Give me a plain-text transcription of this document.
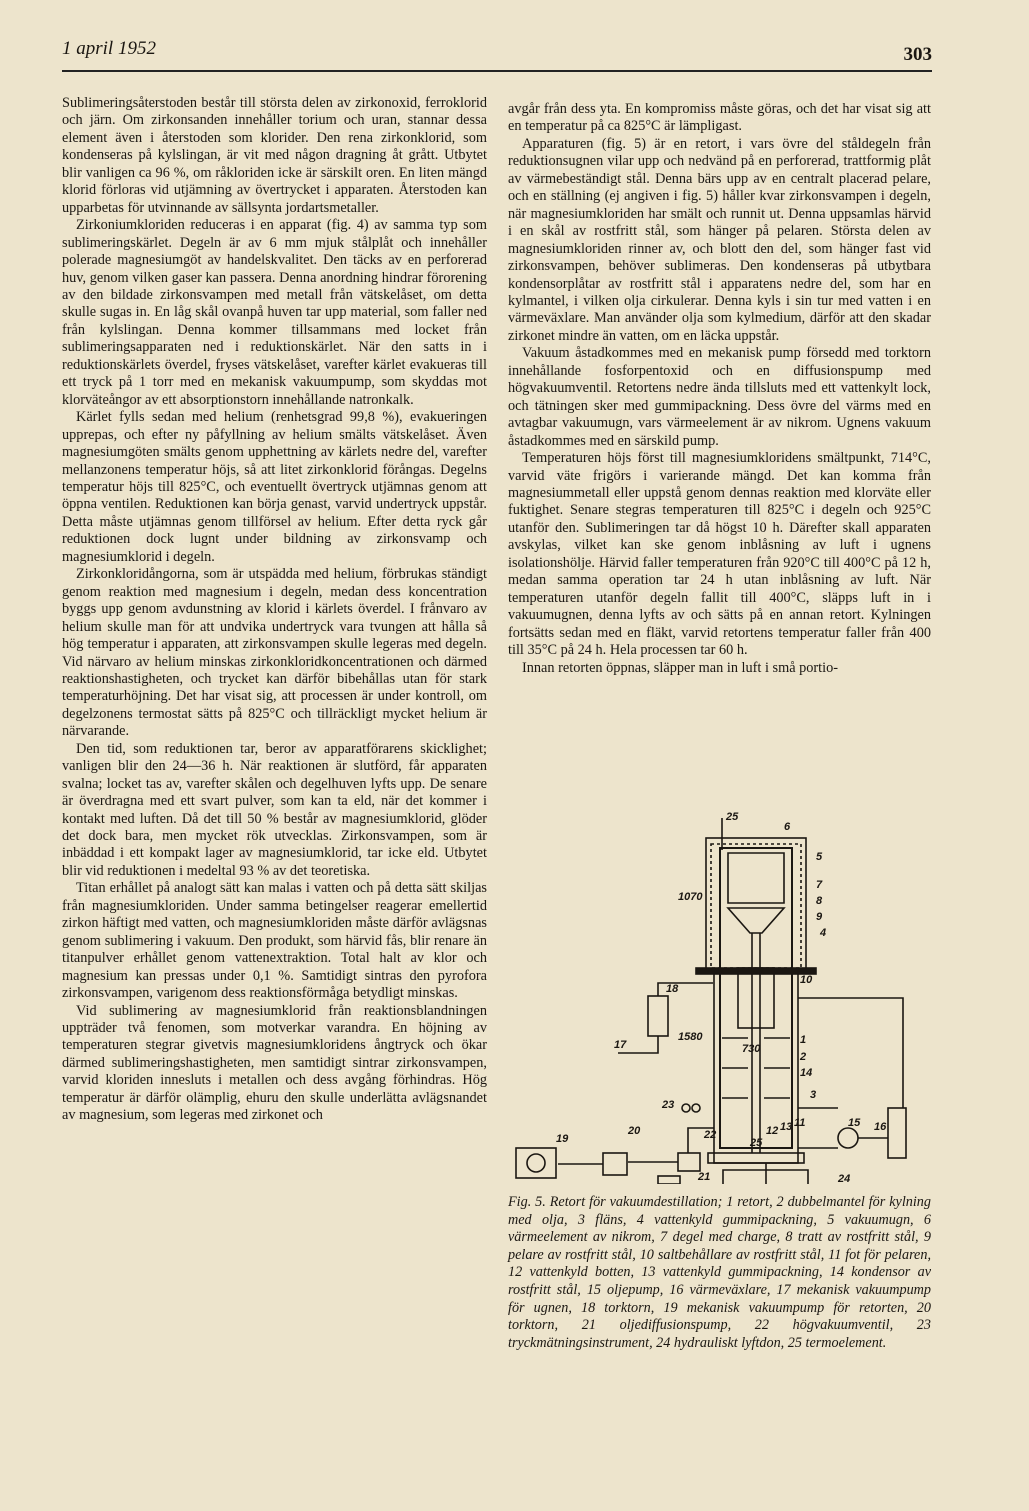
1 april 1952	303

Sublimeringsåterstoden består till största delen av zirkonoxid, ferroklorid och järn. Om zirkonsanden innehåller torium och uran, stannar dessa element även i återstoden som klorider. Den rena zirkonklorid, som kondenseras på kylslingan, är vit med någon dragning åt grått. Utbytet blir vanligen ca 96 %, om råkloriden icke är särskilt oren. En liten mängd klorid förloras vid utjämning av övertrycket i apparaten. Återstoden kan upparbetas för utvinnande av sällsynta jordartsmetaller.

Zirkoniumkloriden reduceras i en apparat (fig. 4) av samma typ som sublimeringskärlet. Degeln är av 6 mm mjuk stålplåt och innehåller polerade magnesiumgöt av handelskvalitet. Den täcks av en perforerad huv, genom vilken gaser kan passera. Denna anordning hindrar förorening av den bildade zirkonsvampen med metall från vätskelåset, om detta skulle sugas in. En låg skål ovanpå huven tar upp material, som faller ned från kylslingan. Denna kommer tillsammans med locket från sublimeringsapparaten ned i reduktionskärlet. När den satts in i reduktionskärlets överdel, fryses vätskelåset, varefter kärlet evakueras till ett tryck på 1 torr med en mekanisk vakuumpump, som skyddas mot klorväteångor av ett absorptionstorn innehållande natronkalk.

Kärlet fylls sedan med helium (renhetsgrad 99,8 %), evakueringen upprepas, och efter ny påfyllning av helium smälts vätskelåset. Även magnesiumgöten smälts genom upphettning av kärlets nedre del, varefter mellanzonens temperatur höjs, så att litet zirkonklorid förångas. Degelns temperatur höjs till 825°C, och eventuellt övertryck utjämnas genom att öppna ventilen. Reduktionen kan börja genast, varvid undertryck uppstår. Detta måste utjämnas genom tillförsel av helium. Efter detta ryck går reduktionen dock lugnt under bildning av zirkonsvamp och magnesiumklorid i degeln.

Zirkonkloridångorna, som är utspädda med helium, förbrukas ständigt genom reaktion med magnesium i degeln, medan dess koncentration byggs upp genom avdunstning av klorid i kärlets överdel. I frånvaro av helium skulle man för att undvika undertryck vara tvungen att hålla så hög temperatur i apparaten, att zirkonsvampen skulle legeras med degeln. Vid närvaro av helium minskas zirkonkloridkoncentrationen och därmed reaktionshastigheten, och trycket kan därför bibehållas utan för stark temperaturhöjning. Det har visat sig, att processen är under kontroll, om degelzonens termostat sätts på 825°C och tillräckligt mycket helium är närvarande.

Den tid, som reduktionen tar, beror av apparatförarens skicklighet; vanligen blir den 24—36 h. När reaktionen är slutförd, får apparaten svalna; locket tas av, varefter skålen och degelhuven lyfts upp. De senare är överdragna med ett svart pulver, som kan ta eld, när det kommer i kontakt med luften. Då det till 50 % består av magnesiumklorid, glöder det dock bara, men mycket rök utvecklas. Zirkonsvampen, som är inbäddad i ett kompakt lager av magnesiumklorid, tar icke eld. Utbytet blir vid reduktionen i medeltal 93 % av det teoretiska.

Titan erhållet på analogt sätt kan malas i vatten och på detta sätt skiljas från magnesiumkloriden. Under samma betingelser reagerar emellertid zirkon häftigt med vatten, och magnesiumkloriden måste därför avlägsnas genom sublimering i vakuum. Den produkt, som härvid fås, blir renare än titanpulver erhållet genom vattenextraktion. Total halt av klor och magnesium kan pressas under 0,1 %. Samtidigt sintras den pyrofora zirkonsvampen, varigenom dess reaktionsförmåga betydligt minskas.

Vid sublimering av magnesiumklorid från reaktionsblandningen uppträder två fenomen, som motverkar varandra. En höjning av temperaturen stegrar givetvis magnesiumkloridens ångtryck och ökar därmed sublimeringshastigheten, men samtidigt sintrar zirkonsvampen, varvid kloriden innesluts i metallen och dess avgång förhindras. Hög temperatur är därför olämplig, ehuru den skulle underlätta avlägsnandet av magnesium, som legeras med zirkonet och

avgår från dess yta. En kompromiss måste göras, och det har visat sig att en temperatur på ca 825°C är lämpligast.

Apparaturen (fig. 5) är en retort, i vars övre del ståldegeln från reduktionsugnen vilar upp och nedvänd på en perforerad, trattformig plåt av värmebeständigt stål. Denna bärs upp av en centralt placerad pelare, och en ställning (ej angiven i fig. 5) håller kvar zirkonsvampen i degeln, när magnesiumkloriden har smält och runnit ut. Denna uppsamlas härvid i en skål av rostfritt stål, som hänger på pelaren. Största delen av magnesiumkloriden rinner av, och blott den del, som hänger fast vid zirkonsvampen, behöver sublimeras. Den kondenseras på utbytbara kondensorplåtar av rostfritt stål i apparatens nedre del, som har en kylmantel, i vilken olja cirkulerar. Denna kyls i sin tur med vatten i en värmeväxlare. Man använder olja som kylmedium, därför att den skadar zirkonet mindre än vatten, om en läcka uppstår.

Vakuum åstadkommes med en mekanisk pump försedd med torktorn innehållande fosforpentoxid och en diffusionspump med högvakuumventil. Retortens nedre ända tillsluts med ett vattenkylt lock, och tätningen sker med gummipackning. Dess övre del värms med en avtagbar vakuumugn, vars värmeelement är av nikrom. Ugnens vakuum åstadkommes med en särskild pump.

Temperaturen höjs först till magnesiumkloridens smältpunkt, 714°C, varvid väte frigörs i varierande mängd. Det kan komma från magnesiummetall eller uppstå genom dennas reaktion med klorväte eller fuktighet. Senare stegras temperaturen till 825°C i degeln och 925°C utanför den. Sublimeringen tar då högst 10 h. Därefter skall apparaten avskylas, vilket kan ske genom inblåsning av luft i ugnens isolationshölje. Härvid faller temperaturen från 920°C till 400°C på 12 h, medan samma operation tar 24 h utan inblåsning av luft. När temperaturen utanför degeln fallit till 400°C, släpps luft in i vakuumugnen, denna lyfts av och sätts på en annan retort. Kylningen fortsätts sedan med en fläkt, varvid retortens temperatur faller från 400 till 35°C på 24 h. Hela processen tar 60 h.

Innan retorten öppnas, släpper man in luft i små portio-

25
6
5
7
8
9
4
10
1
2
14
3
11
12 13
25
15 16
18
17
23
20	22
21
19
24
1070
1580
730
Fig. 5. Retort för vakuumdestillation; 1 retort, 2 dubbelmantel för kylning med olja, 3 fläns, 4 vattenkyld gummipackning, 5 vakuumugn, 6 värmeelement av nikrom, 7 degel med charge, 8 tratt av rostfritt stål, 9 pelare av rostfritt stål, 10 saltbehållare av rostfritt stål, 11 fot för pelaren, 12 vattenkyld botten, 13 vattenkyld gummipackning, 14 kondensor av rostfritt stål, 15 oljepump, 16 värmeväxlare, 17 mekanisk vakuumpump för ugnen, 18 torktorn, 19 mekanisk vakuumpump för retorten, 20 torktorn, 21 oljediffusionspump, 22 högvakuumventil, 23 tryckmätningsinstrument, 24 hydrauliskt lyftdon, 25 termoelement.
